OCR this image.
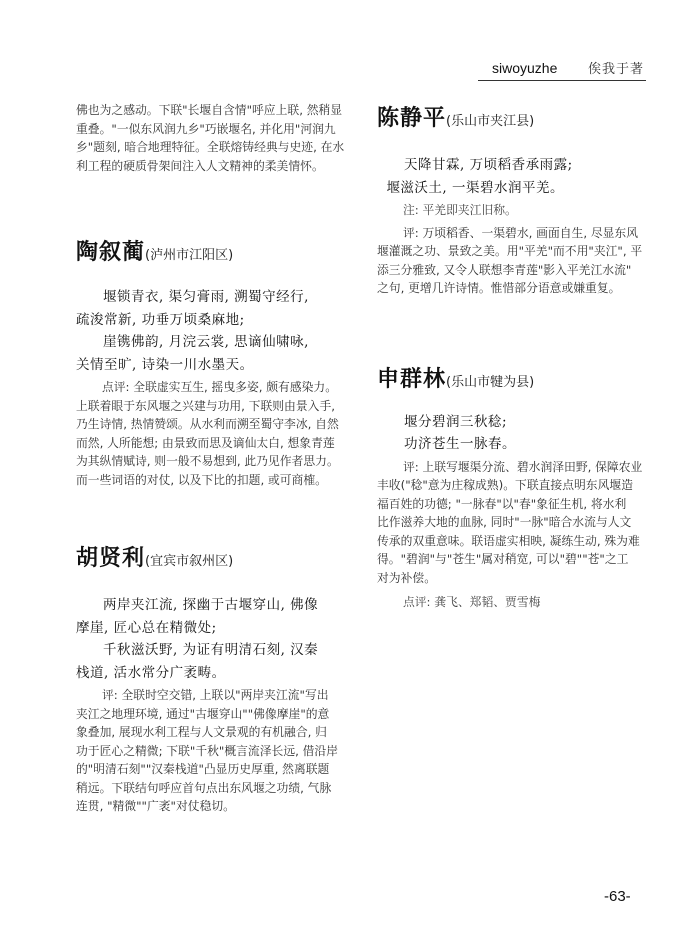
siwoyuzhe 俟我于著

佛也为之感动。下联"长堰自含情"呼应上联, 然稍显

重叠。"一似东风润九乡"巧嵌堰名, 并化用"河润九

乡"题刻, 暗合地理特征。全联熔铸经典与史迹, 在水

利工程的硬质骨架间注入人文精神的柔美情怀。

陶叙蔺 (泸州市江阳区)
堰锁青衣, 渠匀膏雨, 溯蜀守经行,
疏浚常新, 功垂万顷桑麻地;
崖镌佛韵, 月浣云裳, 思谪仙啸咏,
关情至旷, 诗染一川水墨天。

点评: 全联虚实互生, 摇曳多姿, 颇有感染力。

上联着眼于东风堰之兴建与功用, 下联则由景入手,

乃生诗情, 热情赞颂。从水利而溯至蜀守李冰, 自然

而然, 人所能想; 由景致而思及谪仙太白, 想象青莲

为其纵情赋诗, 则一般不易想到, 此乃见作者思力。

而一些词语的对仗, 以及下比的扣题, 或可商榷。

胡贤利 (宜宾市叙州区)
两岸夹江流, 探幽于古堰穿山, 佛像
摩崖, 匠心总在精微处;
千秋滋沃野, 为证有明清石刻, 汉秦
栈道, 活水常分广袤畴。

评: 全联时空交错, 上联以"两岸夹江流"写出

夹江之地理环境, 通过"古堰穿山""佛像摩崖"的意

象叠加, 展现水利工程与人文景观的有机融合, 归

功于匠心之精微; 下联"千秋"概言流泽长远, 借沿岸

的"明清石刻""汉秦栈道"凸显历史厚重, 然离联题

稍远。下联结句呼应首句点出东风堰之功绩, 气脉

连贯, "精微""广袤"对仗稳切。

陈静平 (乐山市夹江县)
天降甘霖, 万顷稻香承雨露;
堰滋沃土, 一渠碧水润平羌。

注: 平羌即夹江旧称。

评: 万顷稻香、一渠碧水, 画面自生, 尽显东风

堰灌溉之功、景致之美。用"平羌"而不用"夹江", 平

添三分雅致, 又令人联想李青莲"影入平羌江水流"

之句, 更增几许诗情。惟惜部分语意或嫌重复。

申群林 (乐山市犍为县)
堰分碧润三秋稔;
功济苍生一脉春。

评: 上联写堰渠分流、碧水润泽田野, 保障农业

丰收("稔"意为庄稼成熟)。下联直接点明东风堰造

福百姓的功德; "一脉春"以"春"象征生机, 将水利

比作滋养大地的血脉, 同时"一脉"暗合水流与人文

传承的双重意味。联语虚实相映, 凝练生动, 殊为难

得。"碧润"与"苍生"属对稍宽, 可以"碧""苍"之工

对为补偿。

点评: 龚飞、郑韬、贾雪梅

-63-
